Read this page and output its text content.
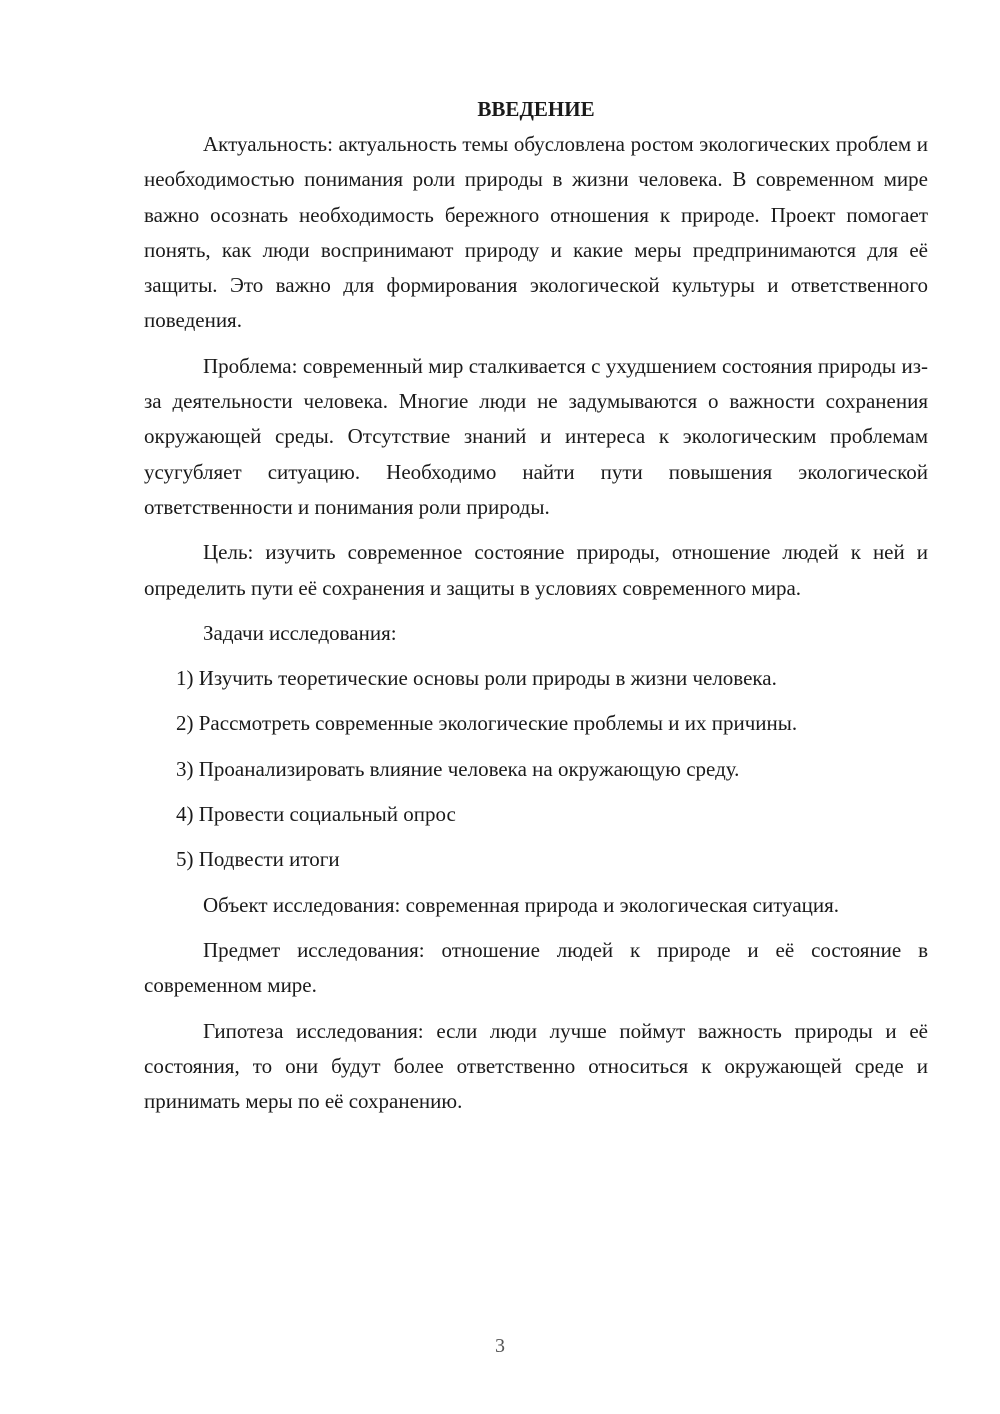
ВВЕДЕНИЕ

Актуальность: актуальность темы обусловлена ростом экологических проблем и необходимостью понимания роли природы в жизни человека. В современном мире важно осознать необходимость бережного отношения к природе. Проект помогает понять, как люди воспринимают природу и какие меры предпринимаются для её защиты. Это важно для формирования экологической культуры и ответственного поведения.

Проблема: современный мир сталкивается с ухудшением состояния природы из-за деятельности человека. Многие люди не задумываются о важности сохранения окружающей среды. Отсутствие знаний и интереса к экологическим проблемам усугубляет ситуацию. Необходимо найти пути повышения экологической ответственности и понимания роли природы.

Цель: изучить современное состояние природы, отношение людей к ней и определить пути её сохранения и защиты в условиях современного мира.

Задачи исследования:

1) Изучить теоретические основы роли природы в жизни человека.
2) Рассмотреть современные экологические проблемы и их причины.
3) Проанализировать влияние человека на окружающую среду.
4) Провести социальный опрос
5) Подвести итоги

Объект исследования: современная природа и экологическая ситуация.

Предмет исследования: отношение людей к природе и её состояние в современном мире.

Гипотеза исследования: если люди лучше поймут важность природы и её состояния, то они будут более ответственно относиться к окружающей среде и принимать меры по её сохранению.

3
